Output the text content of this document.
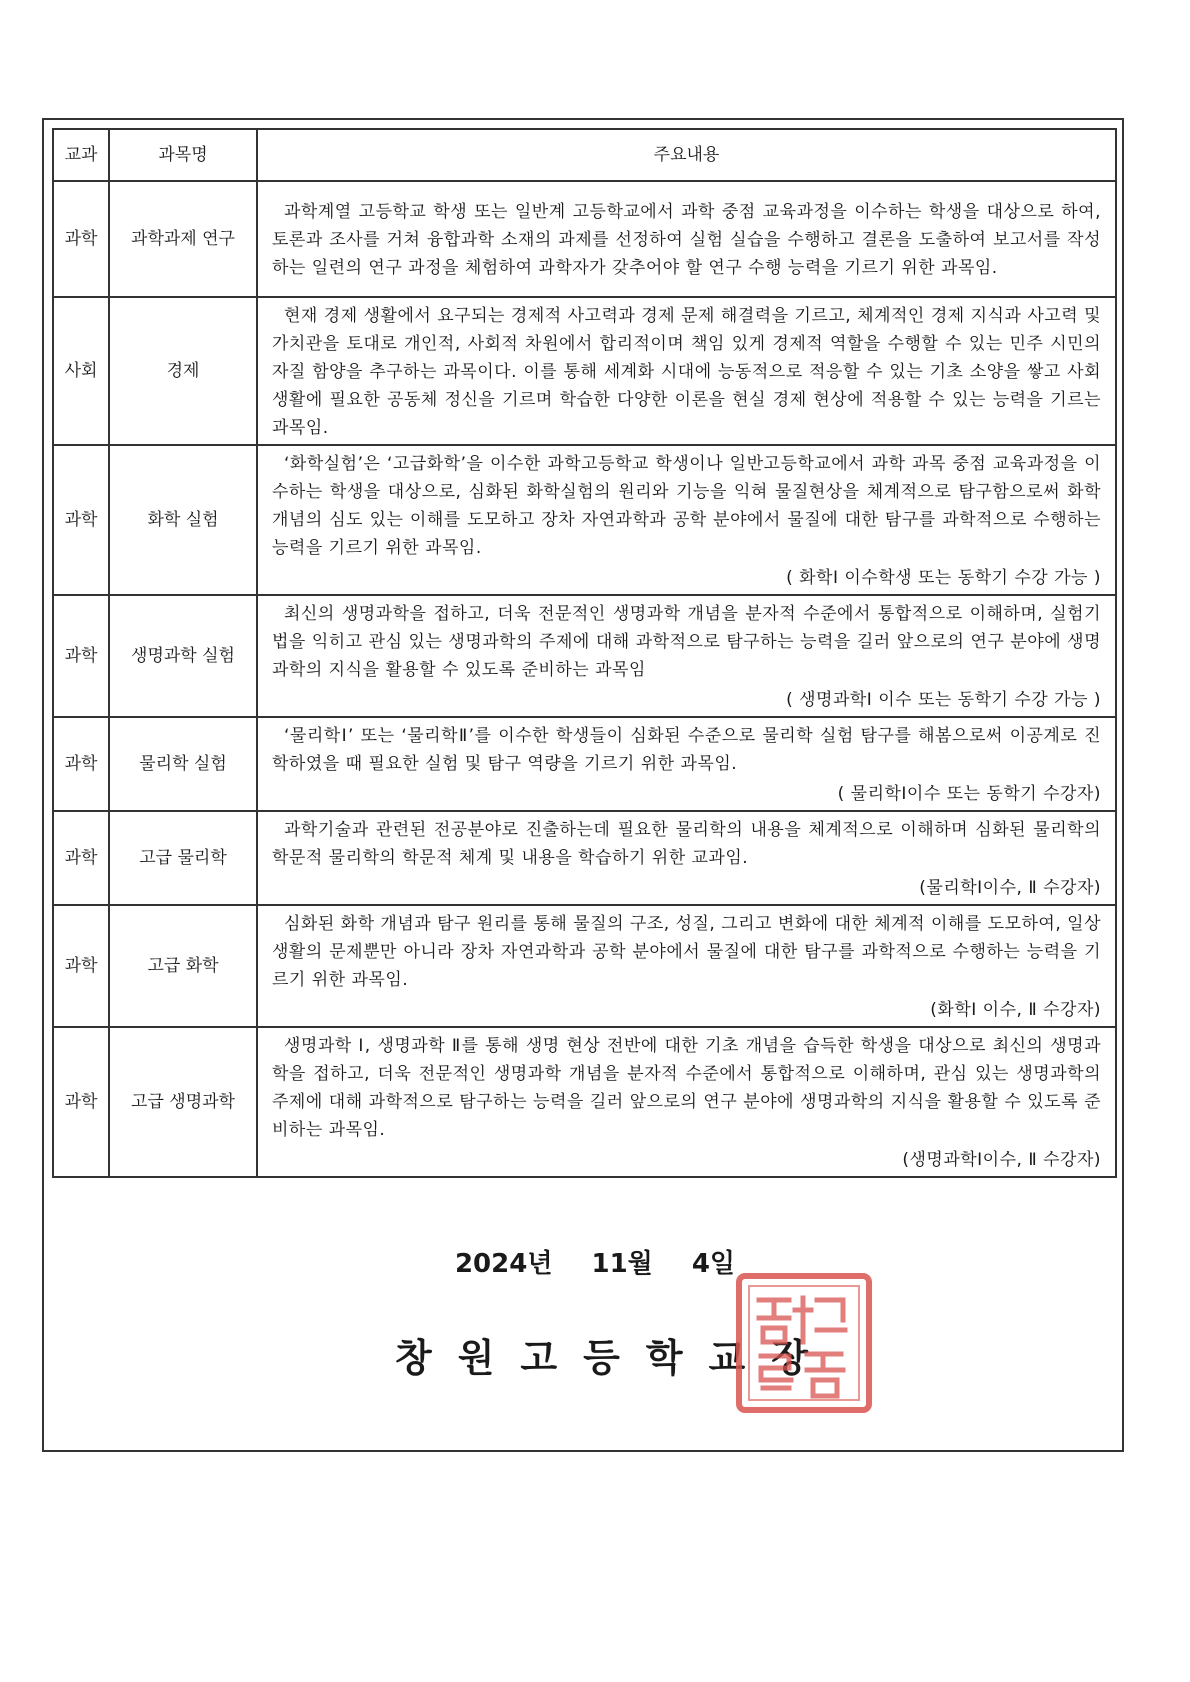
교과	과목명	주요내용
과학	과학과제 연구	과학계열 고등학교 학생 또는 일반계 고등학교에서 과학 중점 교육과정을 이수하는 학생을 대상으로 하여, 토론과 조사를 거쳐 융합과학 소재의 과제를 선정하여 실험 실습을 수행하고 결론을 도출하여 보고서를 작성하는 일련의 연구 과정을 체험하여 과학자가 갖추어야 할 연구 수행 능력을 기르기 위한 과목임.

사회	경제	현재 경제 생활에서 요구되는 경제적 사고력과 경제 문제 해결력을 기르고, 체계적인 경제 지식과 사고력 및 가치관을 토대로 개인적, 사회적 차원에서 합리적이며 책임 있게 경제적 역할을 수행할 수 있는 민주 시민의 자질 함양을 추구하는 과목이다. 이를 통해 세계화 시대에 능동적으로 적응할 수 있는 기초 소양을 쌓고 사회생활에 필요한 공동체 정신을 기르며 학습한 다양한 이론을 현실 경제 현상에 적용할 수 있는 능력을 기르는 과목임.

과학	화학 실험	‘화학실험’은 ‘고급화학’을 이수한 과학고등학교 학생이나 일반고등학교에서 과학 과목 중점 교육과정을 이수하는 학생을 대상으로, 심화된 화학실험의 원리와 기능을 익혀 물질현상을 체계적으로 탐구함으로써 화학 개념의 심도 있는 이해를 도모하고 장차 자연과학과 공학 분야에서 물질에 대한 탐구를 과학적으로 수행하는 능력을 기르기 위한 과목임.
( 화학Ⅰ 이수학생 또는 동학기 수강 가능 )

과학	생명과학 실험	최신의 생명과학을 접하고, 더욱 전문적인 생명과학 개념을 분자적 수준에서 통합적으로 이해하며, 실험기법을 익히고 관심 있는 생명과학의 주제에 대해 과학적으로 탐구하는 능력을 길러 앞으로의 연구 분야에 생명과학의 지식을 활용할 수 있도록 준비하는 과목임
( 생명과학Ⅰ 이수 또는 동학기 수강 가능 )

과학	물리학 실험	‘물리학Ⅰ’ 또는 ‘물리학Ⅱ’를 이수한 학생들이 심화된 수준으로 물리학 실험 탐구를 해봄으로써 이공계로 진학하였을 때 필요한 실험 및 탐구 역량을 기르기 위한 과목임.
( 물리학Ⅰ이수 또는 동학기 수강자)

과학	고급 물리학	과학기술과 관련된 전공분야로 진출하는데 필요한 물리학의 내용을 체계적으로 이해하며 심화된 물리학의 학문적 물리학의 학문적 체계 및 내용을 학습하기 위한 교과임.
(물리학Ⅰ이수, Ⅱ 수강자)

과학	고급 화학	심화된 화학 개념과 탐구 원리를 통해 물질의 구조, 성질, 그리고 변화에 대한 체계적 이해를 도모하여, 일상생활의 문제뿐만 아니라 장차 자연과학과 공학 분야에서 물질에 대한 탐구를 과학적으로 수행하는 능력을 기르기 위한 과목임.
(화학Ⅰ 이수, Ⅱ 수강자)

과학	고급 생명과학	생명과학 Ⅰ, 생명과학 Ⅱ를 통해 생명 현상 전반에 대한 기초 개념을 습득한 학생을 대상으로 최신의 생명과학을 접하고, 더욱 전문적인 생명과학 개념을 분자적 수준에서 통합적으로 이해하며, 관심 있는 생명과학의 주제에 대해 과학적으로 탐구하는 능력을 길러 앞으로의 연구 분야에 생명과학의 지식을 활용할 수 있도록 준비하는 과목임.
(생명과학Ⅰ이수, Ⅱ 수강자)
2024년 11월 4일
창원고등학교장
